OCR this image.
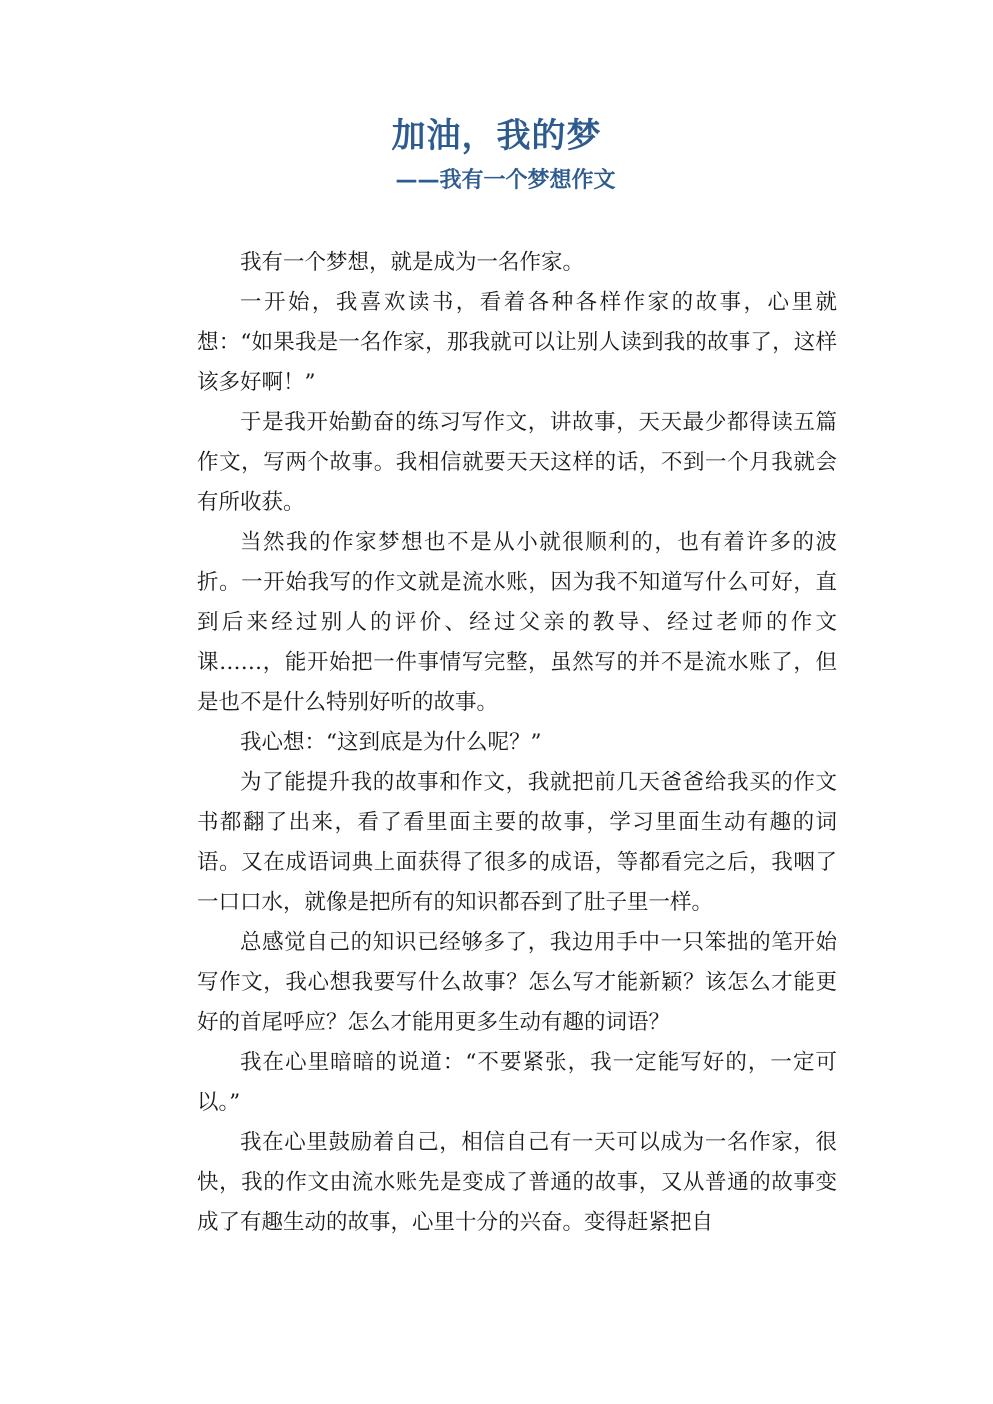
加油，我的梦
——我有一个梦想作文

我有一个梦想，就是成为一名作家。

一开始，我喜欢读书，看着各种各样作家的故事，心里就想：“如果我是一名作家，那我就可以让别人读到我的故事了，这样该多好啊！”

于是我开始勤奋的练习写作文，讲故事，天天最少都得读五篇作文，写两个故事。我相信就要天天这样的话，不到一个月我就会有所收获。

当然我的作家梦想也不是从小就很顺利的，也有着许多的波折。一开始我写的作文就是流水账，因为我不知道写什么可好，直到后来经过别人的评价、经过父亲的教导、经过老师的作文课……，能开始把一件事情写完整，虽然写的并不是流水账了，但是也不是什么特别好听的故事。

我心想：“这到底是为什么呢？”

为了能提升我的故事和作文，我就把前几天爸爸给我买的作文书都翻了出来，看了看里面主要的故事，学习里面生动有趣的词语。又在成语词典上面获得了很多的成语，等都看完之后，我咽了一口口水，就像是把所有的知识都吞到了肚子里一样。

总感觉自己的知识已经够多了，我边用手中一只笨拙的笔开始写作文，我心想我要写什么故事？怎么写才能新颖？该怎么才能更好的首尾呼应？怎么才能用更多生动有趣的词语？

我在心里暗暗的说道：“不要紧张，我一定能写好的，一定可以。”

我在心里鼓励着自己，相信自己有一天可以成为一名作家，很快，我的作文由流水账先是变成了普通的故事，又从普通的故事变成了有趣生动的故事，心里十分的兴奋。变得赶紧把自
